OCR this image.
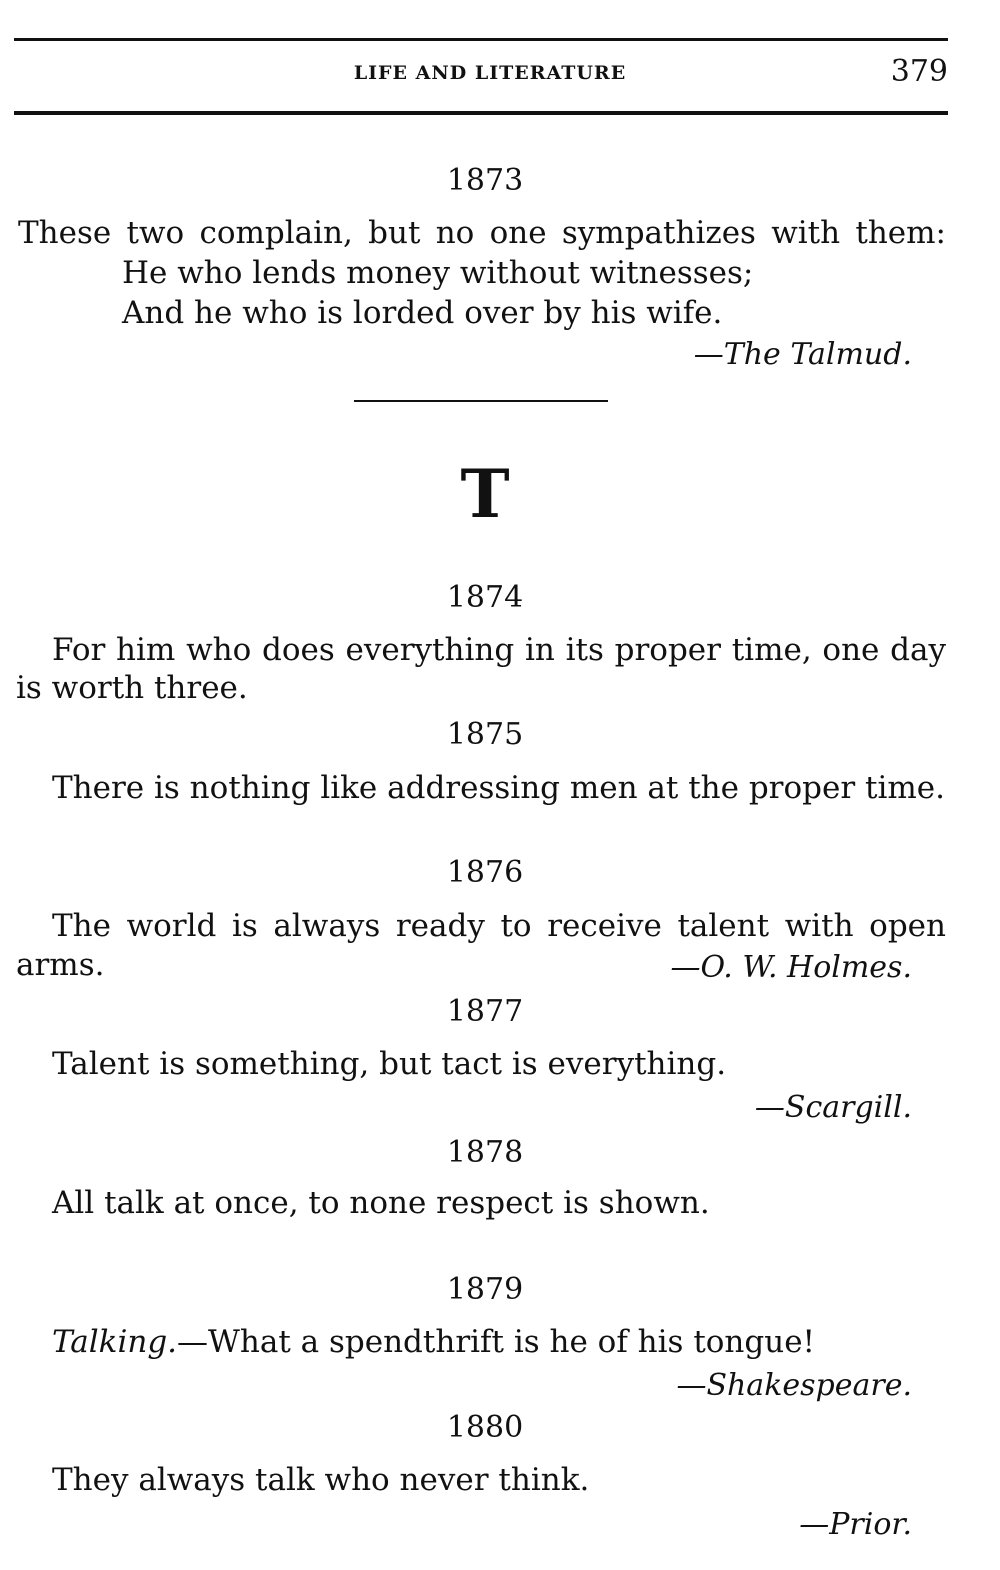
LIFE AND LITERATURE	379
1873
These two complain, but no one sympathizes with them:
He who lends money without witnesses;
And he who is lorded over by his wife.
—The Talmud.
T
1874
For him who does everything in its proper time, one day
is worth three.
1875
There is nothing like addressing men at the proper time.
1876
The world is always ready to receive talent with open
arms.	—O. W. Holmes.
1877
Talent is something, but tact is everything.
—Scargill.
1878
All talk at once, to none respect is shown.
1879
Talking.—What a spendthrift is he of his tongue!
—Shakespeare.
1880
They always talk who never think.
—Prior.
